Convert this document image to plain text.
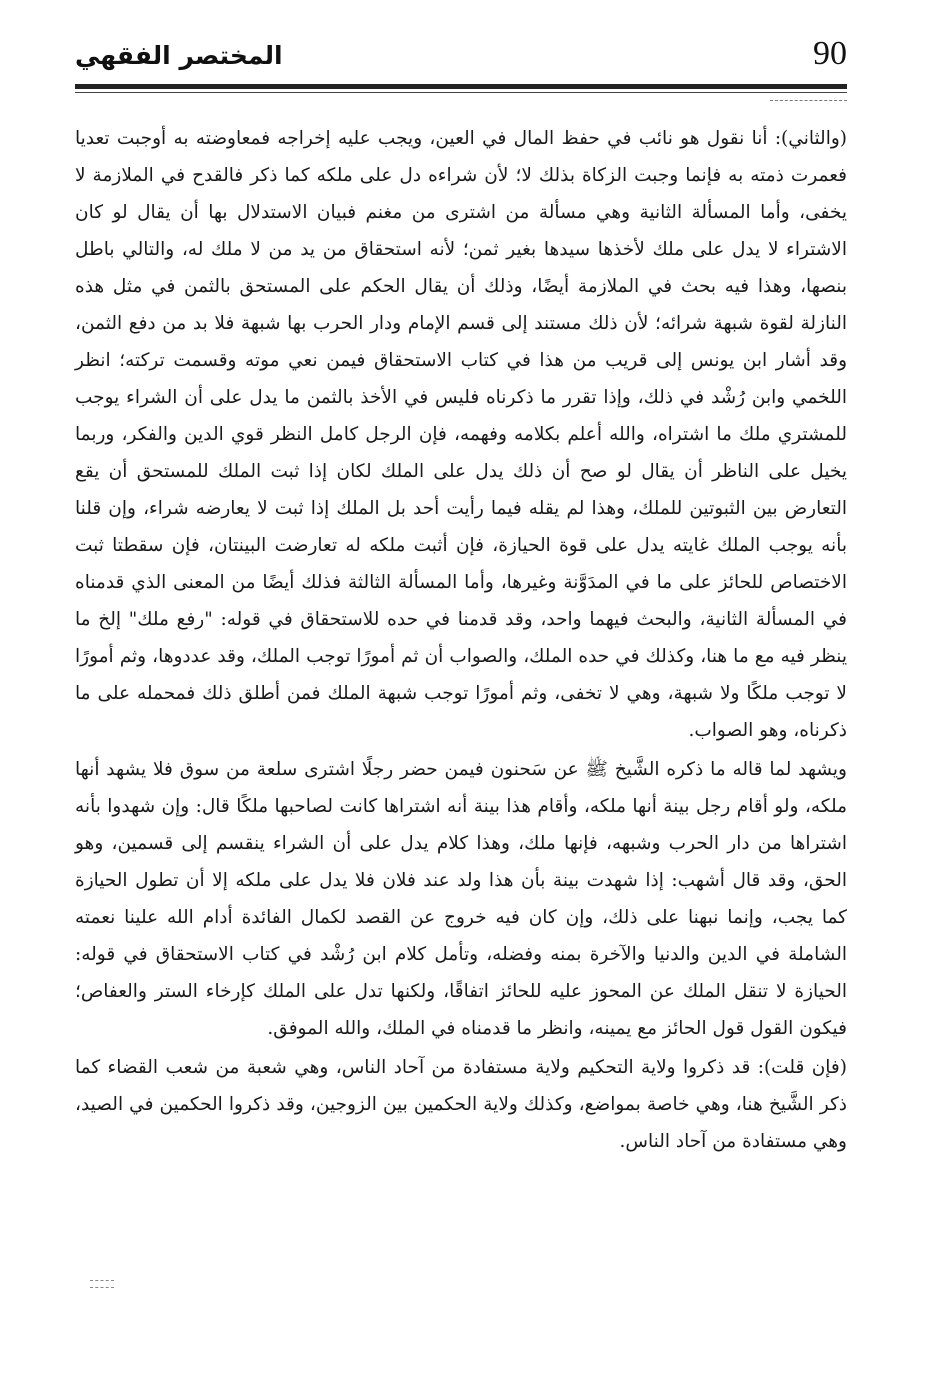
90
المختصر الفقهي

(والثاني): أنا نقول هو نائب في حفظ المال في العين، ويجب عليه إخراجه فمعاوضته به أوجبت تعديا فعمرت ذمته به فإنما وجبت الزكاة بذلك لا؛ لأن شراءه دل على ملكه كما ذكر فالقدح في الملازمة لا يخفى، وأما المسألة الثانية وهي مسألة من اشترى من مغنم فبيان الاستدلال بها أن يقال لو كان الاشتراء لا يدل على ملك لأخذها سيدها بغير ثمن؛ لأنه استحقاق من يد من لا ملك له، والتالي باطل بنصها، وهذا فيه بحث في الملازمة أيضًا، وذلك أن يقال الحكم على المستحق بالثمن في مثل هذه النازلة لقوة شبهة شرائه؛ لأن ذلك مستند إلى قسم الإمام ودار الحرب بها شبهة فلا بد من دفع الثمن، وقد أشار ابن يونس إلى قريب من هذا في كتاب الاستحقاق فيمن نعي موته وقسمت تركته؛ انظر اللخمي وابن رُشْد في ذلك، وإذا تقرر ما ذكرناه فليس في الأخذ بالثمن ما يدل على أن الشراء يوجب للمشتري ملك ما اشتراه، والله أعلم بكلامه وفهمه، فإن الرجل كامل النظر قوي الدين والفكر، وربما يخيل على الناظر أن يقال لو صح أن ذلك يدل على الملك لكان إذا ثبت الملك للمستحق أن يقع التعارض بين الثبوتين للملك، وهذا لم يقله فيما رأيت أحد بل الملك إذا ثبت لا يعارضه شراء، وإن قلنا بأنه يوجب الملك غايته يدل على قوة الحيازة، فإن أثبت ملكه له تعارضت البينتان، فإن سقطتا ثبت الاختصاص للحائز على ما في المدَوَّنة وغيرها، وأما المسألة الثالثة فذلك أيضًا من المعنى الذي قدمناه في المسألة الثانية، والبحث فيهما واحد، وقد قدمنا في حده للاستحقاق في قوله: "رفع ملك" إلخ ما ينظر فيه مع ما هنا، وكذلك في حده الملك، والصواب أن ثم أمورًا توجب الملك، وقد عددوها، وثم أمورًا لا توجب ملكًا ولا شبهة، وهي لا تخفى، وثم أمورًا توجب شبهة الملك فمن أطلق ذلك فمحمله على ما ذكرناه، وهو الصواب.

ويشهد لما قاله ما ذكره الشَّيخ ﷺ عن سَحنون فيمن حضر رجلًا اشترى سلعة من سوق فلا يشهد أنها ملكه، ولو أقام رجل بينة أنها ملكه، وأقام هذا بينة أنه اشتراها كانت لصاحبها ملكًا قال: وإن شهدوا بأنه اشتراها من دار الحرب وشبهه، فإنها ملك، وهذا كلام يدل على أن الشراء ينقسم إلى قسمين، وهو الحق، وقد قال أشهب: إذا شهدت بينة بأن هذا ولد عند فلان فلا يدل على ملكه إلا أن تطول الحيازة كما يجب، وإنما نبهنا على ذلك، وإن كان فيه خروج عن القصد لكمال الفائدة أدام الله علينا نعمته الشاملة في الدين والدنيا والآخرة بمنه وفضله، وتأمل كلام ابن رُشْد في كتاب الاستحقاق في قوله: الحيازة لا تنقل الملك عن المحوز عليه للحائز اتفاقًا، ولكنها تدل على الملك كإرخاء الستر والعفاص؛ فيكون القول قول الحائز مع يمينه، وانظر ما قدمناه في الملك، والله الموفق.

(فإن قلت): قد ذكروا ولاية التحكيم ولاية مستفادة من آحاد الناس، وهي شعبة من شعب القضاء كما ذكر الشَّيخ هنا، وهي خاصة بمواضع، وكذلك ولاية الحكمين بين الزوجين، وقد ذكروا الحكمين في الصيد، وهي مستفادة من آحاد الناس.
